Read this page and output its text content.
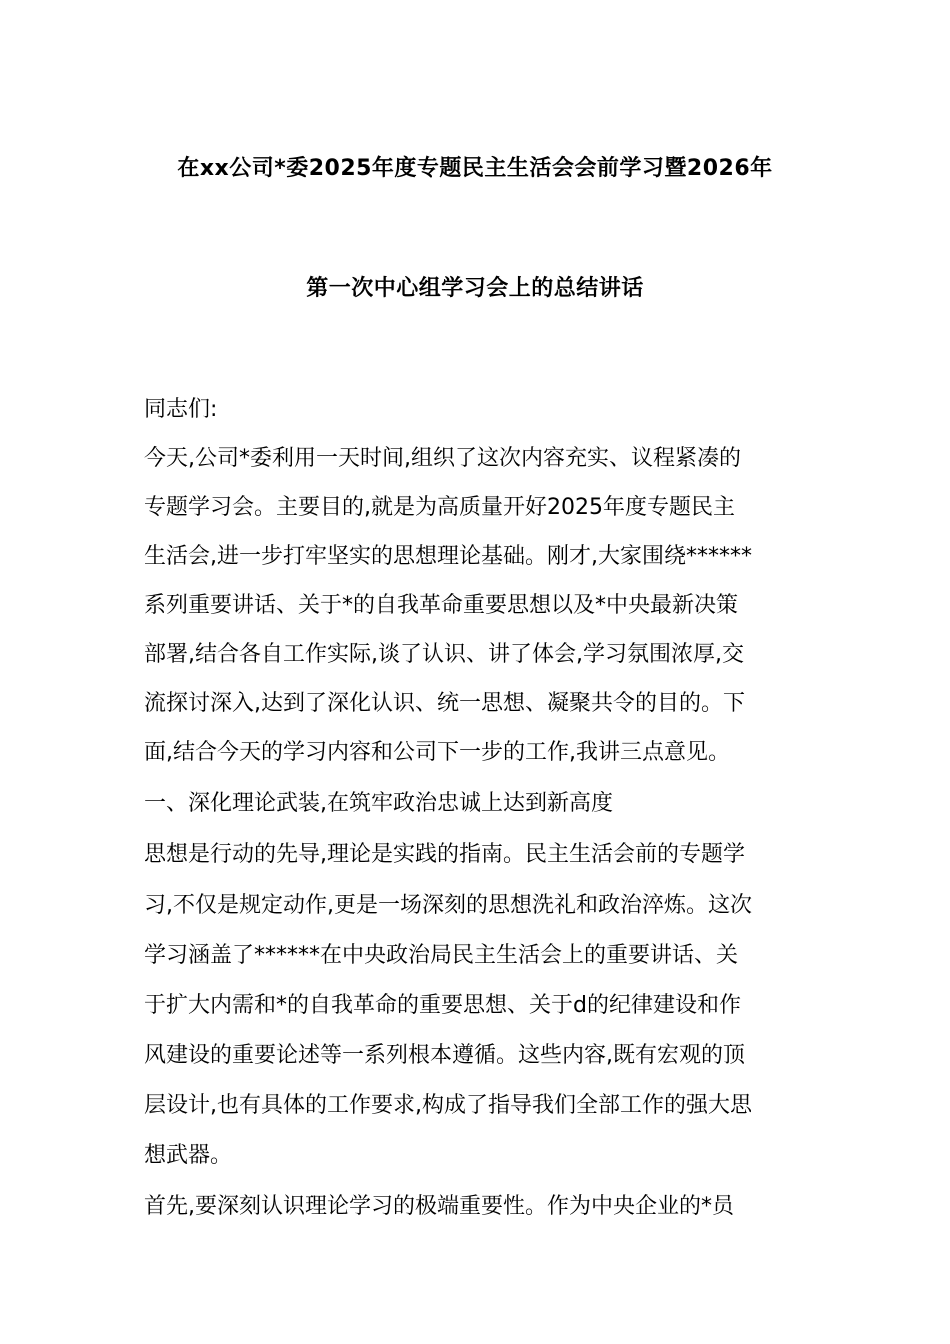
在xx公司*委2025年度专题民主生活会会前学习暨2026年
第一次中心组学习会上的总结讲话
同志们:
今天,公司*委利用一天时间,组织了这次内容充实、议程紧凑的
专题学习会。主要目的,就是为高质量开好2025年度专题民主
生活会,进一步打牢坚实的思想理论基础。刚才,大家围绕******
系列重要讲话、关于*的自我革命重要思想以及*中央最新决策
部署,结合各自工作实际,谈了认识、讲了体会,学习氛围浓厚,交
流探讨深入,达到了深化认识、统一思想、凝聚共令的目的。下
面,结合今天的学习内容和公司下一步的工作,我讲三点意见。
一、深化理论武装,在筑牢政治忠诚上达到新高度
思想是行动的先导,理论是实践的指南。民主生活会前的专题学
习,不仅是规定动作,更是一场深刻的思想洗礼和政治淬炼。这次
学习涵盖了******在中央政治局民主生活会上的重要讲话、关
于扩大内需和*的自我革命的重要思想、关于d的纪律建设和作
风建设的重要论述等一系列根本遵循。这些内容,既有宏观的顶
层设计,也有具体的工作要求,构成了指导我们全部工作的强大思
想武器。
首先,要深刻认识理论学习的极端重要性。作为中央企业的*员
